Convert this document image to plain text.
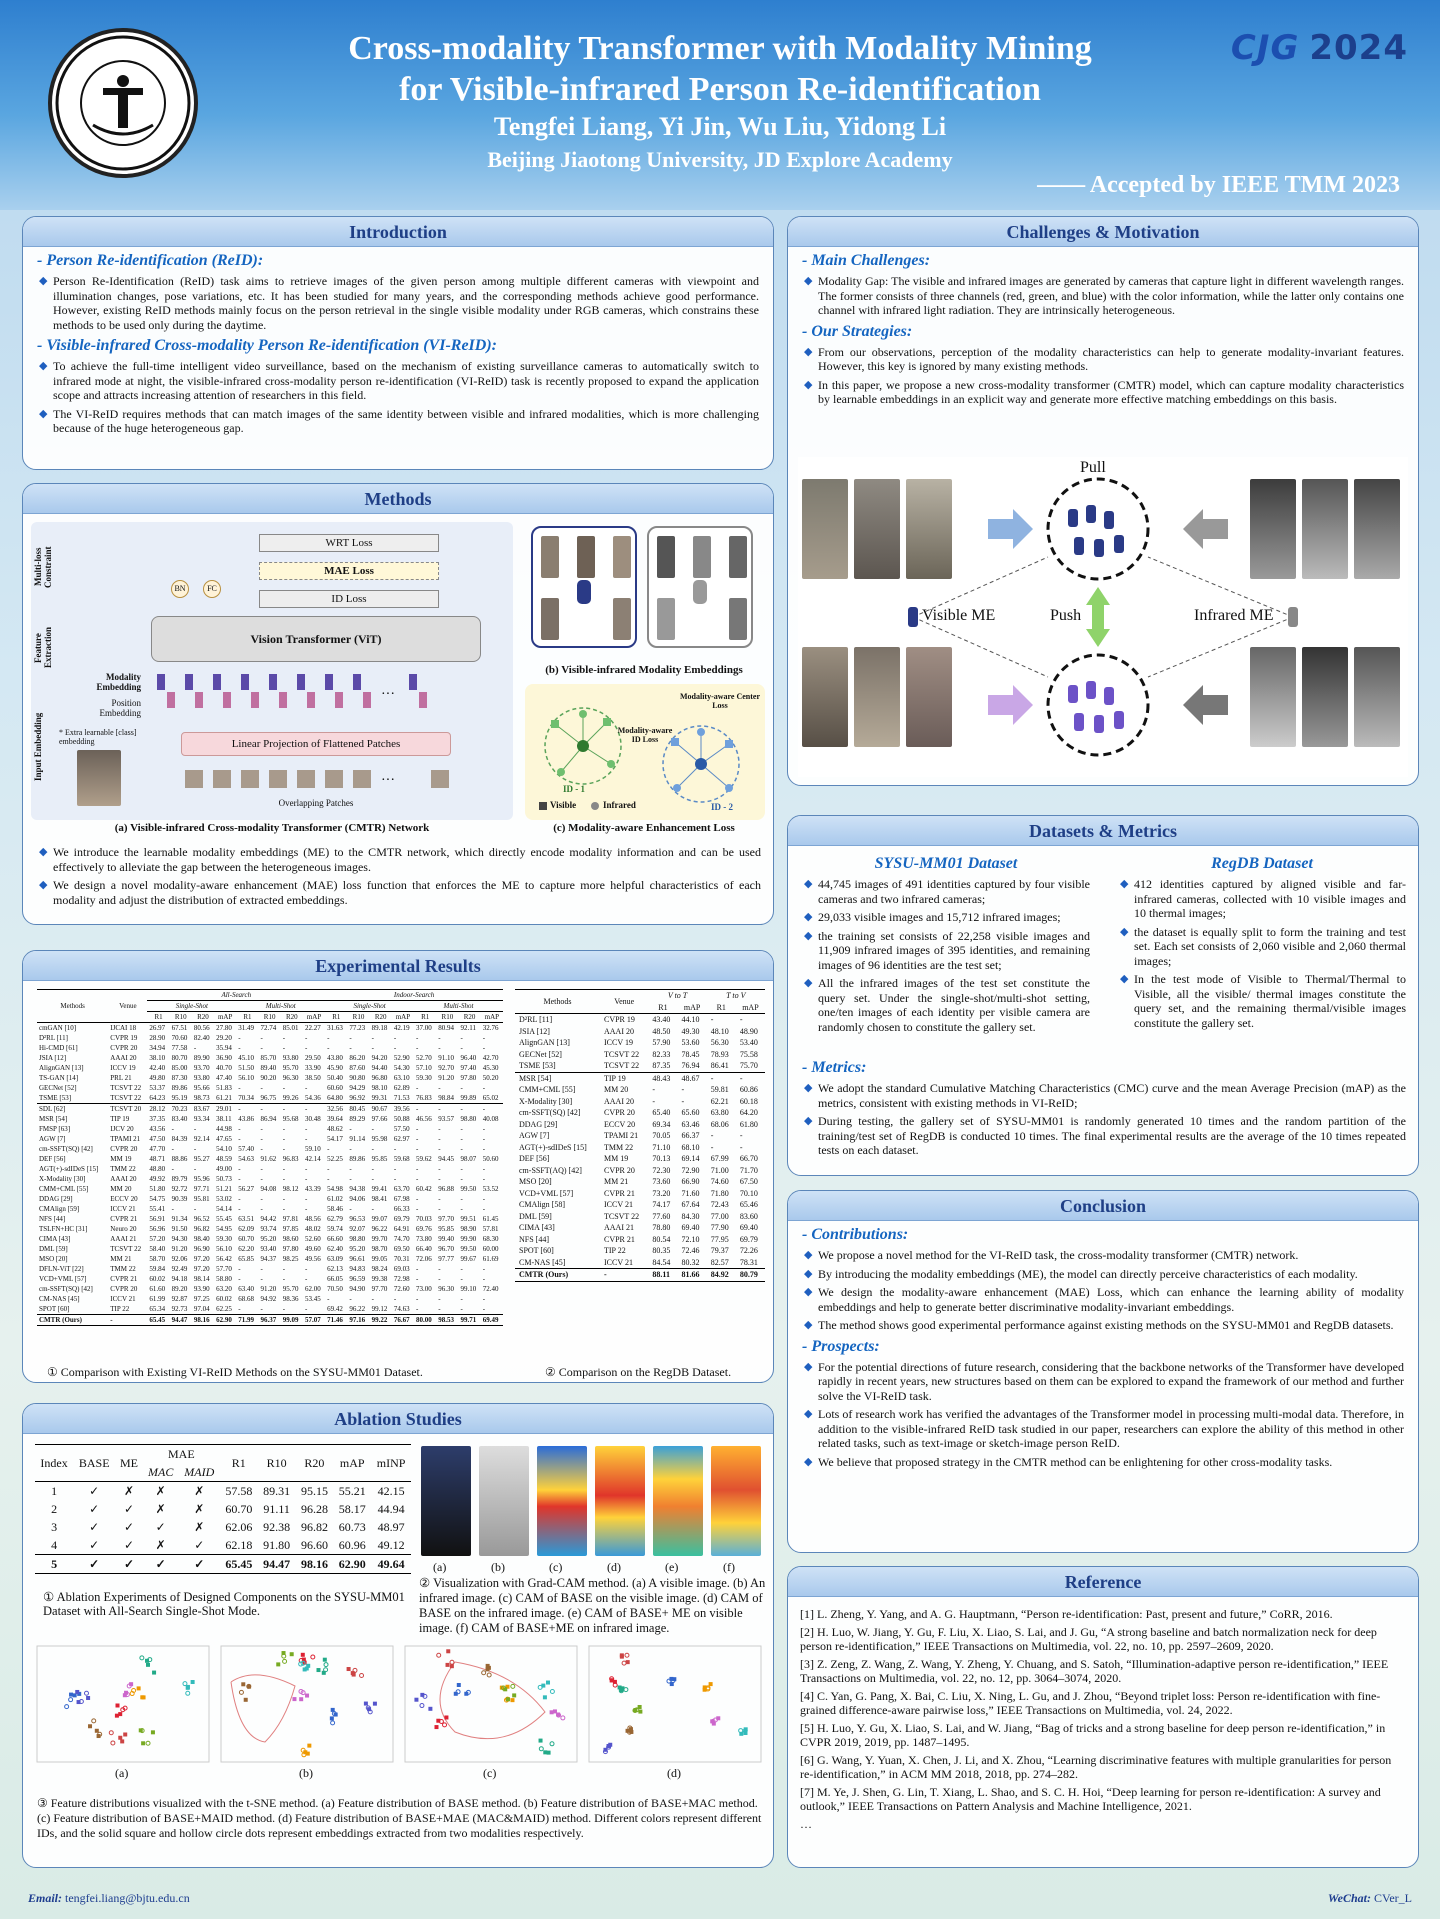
Cross-modality Transformer with Modality Mining
for Visible-infrared Person Re-identification
Tengfei Liang, Yi Jin, Wu Liu, Yidong Li
Beijing Jiaotong University, JD Explore Academy
CJG 2024
—— Accepted by IEEE TMM 2023
Introduction
- Person Re-identification (ReID):
◆ Person Re-Identification (ReID) task aims to retrieve images of the given person among multiple different cameras with viewpoint and illumination changes, pose variations, etc. It has been studied for many years, and the corresponding methods achieve good performance. However, existing ReID methods mainly focus on the person retrieval in the single visible modality under RGB cameras, which constrains these methods to be used only during the daytime.
- Visible-infrared Cross-modality Person Re-identification (VI-ReID):
◆ To achieve the full-time intelligent video surveillance, based on the mechanism of existing surveillance cameras to automatically switch to infrared mode at night, the visible-infrared cross-modality person re-identification (VI-ReID) task is recently proposed to expand the application scope and attracts increasing attention of researchers in this field.
◆ The VI-ReID requires methods that can match images of the same identity between visible and infrared modalities, which is more challenging because of the huge heterogeneous gap.
Challenges & Motivation
- Main Challenges:
◆ Modality Gap: The visible and infrared images are generated by cameras that capture light in different wavelength ranges. The former consists of three channels (red, green, and blue) with the color information, while the latter only contains one channel with infrared light radiation. They are intrinsically heterogeneous.
- Our Strategies:
◆ From our observations, perception of the modality characteristics can help to generate modality-invariant features. However, this key is ignored by many existing methods.
◆ In this paper, we propose a new cross-modality transformer (CMTR) model, which can capture modality characteristics by learnable embeddings in an explicit way and generate more effective matching embeddings on this basis.
Pull
Push
Visible ME	Infrared ME
Methods
Multi-loss Constraint
Feature Extraction
Input Embedding
WRT Loss
MAE Loss
ID Loss
BN	FC
Vision Transformer (ViT)
Modality Embedding
Position Embedding
* Extra learnable [class] embedding
···
Linear Projection of Flattened Patches
···
Overlapping Patches
(a) Visible-infrared Cross-modality Transformer (CMTR) Network
(b) Visible-infrared Modality Embeddings
Modality-aware Center Loss
Modality-aware ID Loss
ID - 1
ID - 2
Visible	Infrared
(c) Modality-aware Enhancement Loss
◆ We introduce the learnable modality embeddings (ME) to the CMTR network, which directly encode modality information and can be used effectively to alleviate the gap between the heterogeneous images.
◆ We design a novel modality-aware enhancement (MAE) loss function that enforces the ME to capture more helpful characteristics of each modality and adjust the distribution of extracted embeddings.
Datasets & Metrics
SYSU-MM01 Dataset
◆ 44,745 images of 491 identities captured by four visible cameras and two infrared cameras;
◆ 29,033 visible images and 15,712 infrared images;
◆ the training set consists of 22,258 visible images and 11,909 infrared images of 395 identities, and remaining images of 96 identities are the test set;
◆ All the infrared images of the test set constitute the query set. Under the single-shot/multi-shot setting, one/ten images of each identity per visible camera are randomly chosen to constitute the gallery set.
RegDB Dataset
◆ 412 identities captured by aligned visible and far-infrared cameras, collected with 10 visible images and 10 thermal images;
◆ the dataset is equally split to form the training and test set. Each set consists of 2,060 visible and 2,060 thermal images;
◆ In the test mode of Visible to Thermal/Thermal to Visible, all the visible/ thermal images constitute the query set, and the remaining thermal/visible images constitute the gallery set.
- Metrics:
◆ We adopt the standard Cumulative Matching Characteristics (CMC) curve and the mean Average Precision (mAP) as the metrics, consistent with existing methods in VI-ReID;
◆ During testing, the gallery set of SYSU-MM01 is randomly generated 10 times and the random partition of the training/test set of RegDB is conducted 10 times. The final experimental results are the average of the 10 times repeated tests on each dataset.
Experimental Results
Methods	Venue	All-Search								Indoor-Search							
		Single-Shot				Multi-Shot				Single-Shot				Multi-Shot			
		R1	R10	R20	mAP	R1	R10	R20	mAP	R1	R10	R20	mAP	R1	R10	R20	mAP
cmGAN [10]	IJCAI 18	26.97	67.51	80.56	27.80	31.49	72.74	85.01	22.27	31.63	77.23	89.18	42.19	37.00	80.94	92.11	32.76
D²RL [11]	CVPR 19	28.90	70.60	82.40	29.20	-	-	-	-	-	-	-	-	-	-	-	-
Hi-CMD [61]	CVPR 20	34.94	77.58	-	35.94	-	-	-	-	-	-	-	-	-	-	-	-
JSIA [12]	AAAI 20	38.10	80.70	89.90	36.90	45.10	85.70	93.80	29.50	43.80	86.20	94.20	52.90	52.70	91.10	96.40	42.70
AlignGAN [13]	ICCV 19	42.40	85.00	93.70	40.70	51.50	89.40	95.70	33.90	45.90	87.60	94.40	54.30	57.10	92.70	97.40	45.30
TS-GAN [14]	PRL 21	49.80	87.30	93.80	47.40	56.10	90.20	96.30	38.50	50.40	90.80	96.80	63.10	59.30	91.20	97.80	50.20
GECNet [52]	TCSVT 22	53.37	89.86	95.66	51.83	-	-	-	-	60.60	94.29	98.10	62.89	-	-	-	-
TSME [53]	TCSVT 22	64.23	95.19	98.73	61.21	70.34	96.75	99.26	54.36	64.80	96.92	99.31	71.53	76.83	98.84	99.89	65.02
SDL [62]	TCSVT 20	28.12	70.23	83.67	29.01	-	-	-	-	32.56	80.45	90.67	39.56	-	-	-	-
MSR [54]	TIP 19	37.35	83.40	93.34	38.11	43.86	86.94	95.68	30.48	39.64	89.29	97.66	50.88	46.56	93.57	98.80	40.08
FMSP [63]	IJCV 20	43.56	-	-	44.98	-	-	-	-	48.62	-	-	57.50	-	-	-	-
AGW [7]	TPAMI 21	47.50	84.39	92.14	47.65	-	-	-	-	54.17	91.14	95.98	62.97	-	-	-	-
cm-SSFT(SQ) [42]	CVPR 20	47.70	-	-	54.10	57.40	-	-	59.10	-	-	-	-	-	-	-	-
DEF [56]	MM 19	48.71	88.86	95.27	48.59	54.63	91.62	96.83	42.14	52.25	89.86	95.85	59.68	59.62	94.45	98.07	50.60
AGT(+)-sdIDeS [15]	TMM 22	48.80	-	-	49.00	-	-	-	-	-	-	-	-	-	-	-	-
X-Modality [30]	AAAI 20	49.92	89.79	95.96	50.73	-	-	-	-	-	-	-	-	-	-	-	-
CMM+CML [55]	MM 20	51.80	92.72	97.71	51.21	56.27	94.08	98.12	43.39	54.98	94.38	99.41	63.70	60.42	96.88	99.50	53.52
DDAG [29]	ECCV 20	54.75	90.39	95.81	53.02	-	-	-	-	61.02	94.06	98.41	67.98	-	-	-	-
CMAlign [59]	ICCV 21	55.41	-	-	54.14	-	-	-	-	58.46	-	-	66.33	-	-	-	-
NFS [44]	CVPR 21	56.91	91.34	96.52	55.45	63.51	94.42	97.81	48.56	62.79	96.53	99.07	69.79	70.03	97.70	99.51	61.45
TSLFN+HC [31]	Neuro 20	56.96	91.50	96.82	54.95	62.09	93.74	97.85	48.02	59.74	92.07	96.22	64.91	69.76	95.85	98.90	57.81
CIMA [43]	AAAI 21	57.20	94.30	98.40	59.30	60.70	95.20	98.60	52.60	66.60	98.80	99.70	74.70	73.80	99.40	99.90	68.30
DML [59]	TCSVT 22	58.40	91.20	96.90	56.10	62.20	93.40	97.80	49.60	62.40	95.20	98.70	69.50	66.40	96.70	99.50	60.00
MSO [20]	MM 21	58.70	92.06	97.20	56.42	65.85	94.37	98.25	49.56	63.09	96.61	99.05	70.31	72.06	97.77	99.67	61.69
DFLN-ViT [22]	TMM 22	59.84	92.49	97.20	57.70	-	-	-	-	62.13	94.83	98.24	69.03	-	-	-	-
VCD+VML [57]	CVPR 21	60.02	94.18	98.14	58.80	-	-	-	-	66.05	96.59	99.38	72.98	-	-	-	-
cm-SSFT(SQ) [42]	CVPR 20	61.60	89.20	93.90	63.20	63.40	91.20	95.70	62.00	70.50	94.90	97.70	72.60	73.00	96.30	99.10	72.40
CM-NAS [45]	ICCV 21	61.99	92.87	97.25	60.02	68.68	94.92	98.36	53.45	-	-	-	-	-	-	-	-
SPOT [60]	TIP 22	65.34	92.73	97.04	62.25	-	-	-	-	69.42	96.22	99.12	74.63	-	-	-	-
CMTR (Ours)	-	65.45	94.47	98.16	62.90	71.99	96.37	99.09	57.07	71.46	97.16	99.22	76.67	80.00	98.53	99.71	69.49
Methods	Venue	V to T		T to V	
		R1	mAP	R1	mAP
D²RL [11]	CVPR 19	43.40	44.10	-	-
JSIA [12]	AAAI 20	48.50	49.30	48.10	48.90
AlignGAN [13]	ICCV 19	57.90	53.60	56.30	53.40
GECNet [52]	TCSVT 22	82.33	78.45	78.93	75.58
TSME [53]	TCSVT 22	87.35	76.94	86.41	75.70
MSR [54]	TIP 19	48.43	48.67	-	-
CMM+CML [55]	MM 20	-	-	59.81	60.86
X-Modality [30]	AAAI 20	-	-	62.21	60.18
cm-SSFT(SQ) [42]	CVPR 20	65.40	65.60	63.80	64.20
DDAG [29]	ECCV 20	69.34	63.46	68.06	61.80
AGW [7]	TPAMI 21	70.05	66.37	-	-
AGT(+)-sdIDeS [15]	TMM 22	71.10	68.10	-	-
DEF [56]	MM 19	70.13	69.14	67.99	66.70
cm-SSFT(AQ) [42]	CVPR 20	72.30	72.90	71.00	71.70
MSO [20]	MM 21	73.60	66.90	74.60	67.50
VCD+VML [57]	CVPR 21	73.20	71.60	71.80	70.10
CMAlign [58]	ICCV 21	74.17	67.64	72.43	65.46
DML [59]	TCSVT 22	77.60	84.30	77.00	83.60
CIMA [43]	AAAI 21	78.80	69.40	77.90	69.40
NFS [44]	CVPR 21	80.54	72.10	77.95	69.79
SPOT [60]	TIP 22	80.35	72.46	79.37	72.26
CM-NAS [45]	ICCV 21	84.54	80.32	82.57	78.31
CMTR (Ours)	-	88.11	81.66	84.92	80.79
① Comparison with Existing VI-ReID Methods on the SYSU-MM01 Dataset.	② Comparison on the RegDB Dataset.
Conclusion
- Contributions:
◆ We propose a novel method for the VI-ReID task, the cross-modality transformer (CMTR) network.
◆ By introducing the modality embeddings (ME), the model can directly perceive characteristics of each modality.
◆ We design the modality-aware enhancement (MAE) Loss, which can enhance the learning ability of modality embeddings and help to generate better discriminative modality-invariant embeddings.
◆ The method shows good experimental performance against existing methods on the SYSU-MM01 and RegDB datasets.
- Prospects:
◆ For the potential directions of future research, considering that the backbone networks of the Transformer have developed rapidly in recent years, new structures based on them can be explored to expand the framework of our method and further solve the VI-ReID task.
◆ Lots of research work has verified the advantages of the Transformer model in processing multi-modal data. Therefore, in addition to the visible-infrared ReID task studied in our paper, researchers can explore the ability of this method in other related tasks, such as text-image or sketch-image person ReID.
◆ We believe that proposed strategy in the CMTR method can be enlightening for other cross-modality tasks.
Ablation Studies
Index	BASE	ME	MAE		R1	R10	R20	mAP	mINP
			MAC	MAID					
1	✓	✗	✗	✗	57.58	89.31	95.15	55.21	42.15
2	✓	✓	✗	✗	60.70	91.11	96.28	58.17	44.94
3	✓	✓	✓	✗	62.06	92.38	96.82	60.73	48.97
4	✓	✓	✗	✓	62.18	91.80	96.60	60.96	49.12
5	✓	✓	✓	✓	65.45	94.47	98.16	62.90	49.64
① Ablation Experiments of Designed Components on the SYSU-MM01 Dataset with All-Search Single-Shot Mode.
(a)	(b)	(c)	(d)	(e)	(f)
② Visualization with Grad-CAM method. (a) A visible image. (b) An infrared image. (c) CAM of BASE on the visible image. (d) CAM of BASE on the infrared image. (e) CAM of BASE+ ME on visible image. (f) CAM of BASE+ME on infrared image.
(a)	(b)	(c)	(d)
③ Feature distributions visualized with the t-SNE method. (a) Feature distribution of BASE method. (b) Feature distribution of BASE+MAC method. (c) Feature distribution of BASE+MAID method. (d) Feature distribution of BASE+MAE (MAC&MAID) method. Different colors represent different IDs, and the solid square and hollow circle dots represent embeddings extracted from two modalities respectively.
Reference

[1] L. Zheng, Y. Yang, and A. G. Hauptmann, “Person re-identification: Past, present and future,” CoRR, 2016.

[2] H. Luo, W. Jiang, Y. Gu, F. Liu, X. Liao, S. Lai, and J. Gu, “A strong baseline and batch normalization neck for deep person re-identification,” IEEE Transactions on Multimedia, vol. 22, no. 10, pp. 2597–2609, 2020.

[3] Z. Zeng, Z. Wang, Z. Wang, Y. Zheng, Y. Chuang, and S. Satoh, “Illumination-adaptive person re-identification,” IEEE Transactions on Multimedia, vol. 22, no. 12, pp. 3064–3074, 2020.

[4] C. Yan, G. Pang, X. Bai, C. Liu, X. Ning, L. Gu, and J. Zhou, “Beyond triplet loss: Person re-identification with fine-grained difference-aware pairwise loss,” IEEE Transactions on Multimedia, vol. 24, 2022.

[5] H. Luo, Y. Gu, X. Liao, S. Lai, and W. Jiang, “Bag of tricks and a strong baseline for deep person re-identification,” in CVPR 2019, 2019, pp. 1487–1495.

[6] G. Wang, Y. Yuan, X. Chen, J. Li, and X. Zhou, “Learning discriminative features with multiple granularities for person re-identification,” in ACM MM 2018, 2018, pp. 274–282.

[7] M. Ye, J. Shen, G. Lin, T. Xiang, L. Shao, and S. C. H. Hoi, “Deep learning for person re-identification: A survey and outlook,” IEEE Transactions on Pattern Analysis and Machine Intelligence, 2021.

…

Email: tengfei.liang@bjtu.edu.cn	WeChat: CVer_L
